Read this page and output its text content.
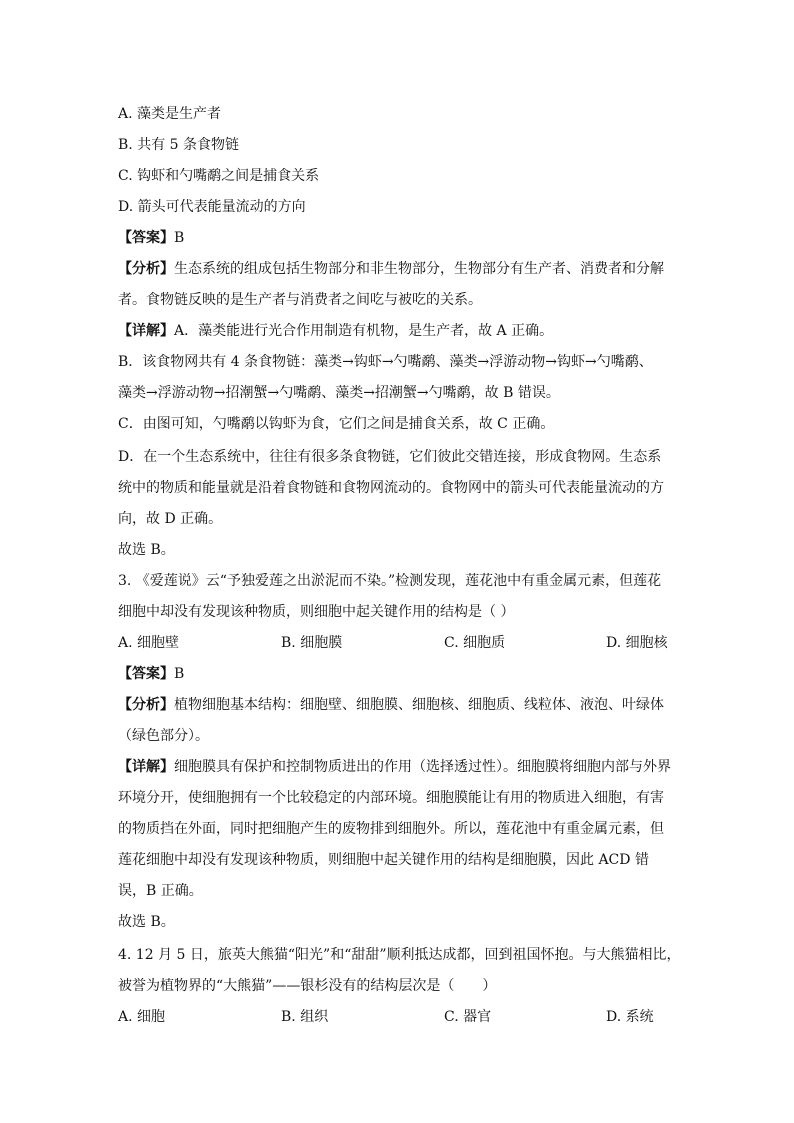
A. 藻类是生产者
B. 共有 5 条食物链
C. 钩虾和勺嘴鹬之间是捕食关系
D. 箭头可代表能量流动的方向
【答案】B
【分析】生态系统的组成包括生物部分和非生物部分，生物部分有生产者、消费者和分解
者。食物链反映的是生产者与消费者之间吃与被吃的关系。
【详解】A．藻类能进行光合作用制造有机物，是生产者，故 A 正确。
B．该食物网共有 4 条食物链：藻类→钩虾→勺嘴鹬、藻类→浮游动物→钩虾→勺嘴鹬、
藻类→浮游动物→招潮蟹→勺嘴鹬、藻类→招潮蟹→勺嘴鹬，故 B 错误。
C．由图可知，勺嘴鹬以钩虾为食，它们之间是捕食关系，故 C 正确。
D．在一个生态系统中，往往有很多条食物链，它们彼此交错连接，形成食物网。生态系
统中的物质和能量就是沿着食物链和食物网流动的。食物网中的箭头可代表能量流动的方
向，故 D 正确。
故选 B。
3. 《爱莲说》云“予独爱莲之出淤泥而不染。”检测发现，莲花池中有重金属元素，但莲花
细胞中却没有发现该种物质，则细胞中起关键作用的结构是（ ）
A. 细胞壁	B. 细胞膜	C. 细胞质	D. 细胞核
【答案】B
【分析】植物细胞基本结构：细胞壁、细胞膜、细胞核、细胞质、线粒体、液泡、叶绿体
（绿色部分）。
【详解】细胞膜具有保护和控制物质进出的作用（选择透过性）。细胞膜将细胞内部与外界
环境分开，使细胞拥有一个比较稳定的内部环境。细胞膜能让有用的物质进入细胞，有害
的物质挡在外面，同时把细胞产生的废物排到细胞外。所以，莲花池中有重金属元素，但
莲花细胞中却没有发现该种物质，则细胞中起关键作用的结构是细胞膜，因此 ACD 错
误，B 正确。
故选 B。
4. 12 月 5 日，旅英大熊猫“阳光”和“甜甜”顺利抵达成都，回到祖国怀抱。与大熊猫相比，
被誉为植物界的“大熊猫”——银杉没有的结构层次是（　　）
A. 细胞	B. 组织	C. 器官	D. 系统
